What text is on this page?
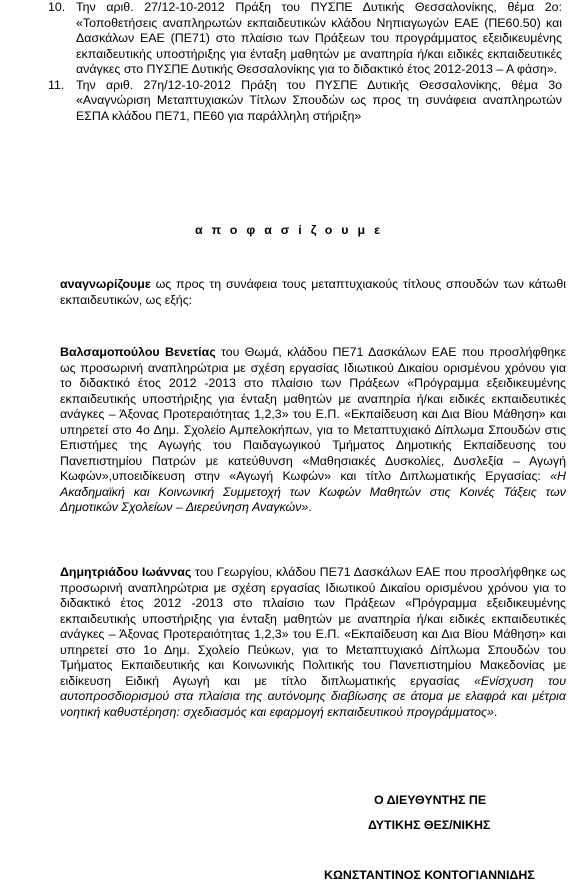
10. Την αριθ. 27/12-10-2012 Πράξη του ΠΥΣΠΕ Δυτικής Θεσσαλονίκης, θέμα 2ο: «Τοποθετήσεις αναπληρωτών εκπαιδευτικών κλάδου Νηπιαγωγών ΕΑΕ (ΠΕ60.50) και Δασκάλων ΕΑΕ (ΠΕ71) στο πλαίσιο των Πράξεων του προγράμματος εξειδικευμένης εκπαιδευτικής υποστήριξης για ένταξη μαθητών με αναπηρία ή/και ειδικές εκπαιδευτικές ανάγκες στο ΠΥΣΠΕ Δυτικής Θεσσαλονίκης για το διδακτικό έτος 2012-2013 – Α φάση».
11. Την αριθ. 27η/12-10-2012 Πράξη του ΠΥΣΠΕ Δυτικής Θεσσαλονίκης, θέμα 3ο «Αναγνώριση Μεταπτυχιακών Τίτλων Σπουδών ως προς τη συνάφεια αναπληρωτών ΕΣΠΑ κλάδου ΠΕ71, ΠΕ60 για παράλληλη στήριξη»
αποφασίζουμε

αναγνωρίζουμε ως προς τη συνάφεια τους μεταπτυχιακούς τίτλους σπουδών των κάτωθι εκπαιδευτικών, ως εξής:

Βαλσαμοπούλου Βενετίας του Θωμά, κλάδου ΠΕ71 Δασκάλων ΕΑΕ που προσλήφθηκε ως προσωρινή αναπληρώτρια με σχέση εργασίας Ιδιωτικού Δικαίου ορισμένου χρόνου για το διδακτικό έτος 2012 -2013 στο πλαίσιο των Πράξεων «Πρόγραμμα εξειδικευμένης εκπαιδευτικής υποστήριξης για ένταξη μαθητών με αναπηρία ή/και ειδικές εκπαιδευτικές ανάγκες – Άξονας Προτεραιότητας 1,2,3» του Ε.Π. «Εκπαίδευση και Δια Βίου Μάθηση» και υπηρετεί στο 4ο Δημ. Σχολείο Αμπελοκήπων, για το Μεταπτυχιακό Δίπλωμα Σπουδών στις Επιστήμες της Αγωγής του Παιδαγωγικού Τμήματος Δημοτικής Εκπαίδευσης του Πανεπιστημίου Πατρών με κατεύθυνση «Μαθησιακές Δυσκολίες, Δυσλεξία – Αγωγή Κωφών»,υποειδίκευση στην «Αγωγή Κωφών» και τίτλο Διπλωματικής Εργασίας: «Η Ακαδημαϊκή και Κοινωνική Συμμετοχή των Κωφών Μαθητών στις Κοινές Τάξεις των Δημοτικών Σχολείων – Διερεύνηση Αναγκών».

Δημητριάδου Ιωάννας του Γεωργίου, κλάδου ΠΕ71 Δασκάλων ΕΑΕ που προσλήφθηκε ως προσωρινή αναπληρώτρια με σχέση εργασίας Ιδιωτικού Δικαίου ορισμένου χρόνου για το διδακτικό έτος 2012 -2013 στο πλαίσιο των Πράξεων «Πρόγραμμα εξειδικευμένης εκπαιδευτικής υποστήριξης για ένταξη μαθητών με αναπηρία ή/και ειδικές εκπαιδευτικές ανάγκες – Άξονας Προτεραιότητας 1,2,3» του Ε.Π. «Εκπαίδευση και Δια Βίου Μάθηση» και υπηρετεί στο 1ο Δημ. Σχολείο Πεύκων, για το Μεταπτυχιακό Δίπλωμα Σπουδών του Τμήματος Εκπαιδευτικής και Κοινωνικής Πολιτικής του Πανεπιστημίου Μακεδονίας με ειδίκευση Ειδική Αγωγή και με τίτλο διπλωματικής εργασίας «Ενίσχυση του αυτοπροσδιορισμού στα πλαίσια της αυτόνομης διαβίωσης σε άτομα με ελαφρά και μέτρια νοητική καθυστέρηση: σχεδιασμός και εφαρμογή εκπαιδευτικού προγράμματος».

Ο ΔΙΕΥΘΥΝΤΗΣ ΠΕ
ΔΥΤΙΚΗΣ ΘΕΣ/ΝΙΚΗΣ
ΚΩΝΣΤΑΝΤΙΝΟΣ ΚΟΝΤΟΓΙΑΝΝΙΔΗΣ
